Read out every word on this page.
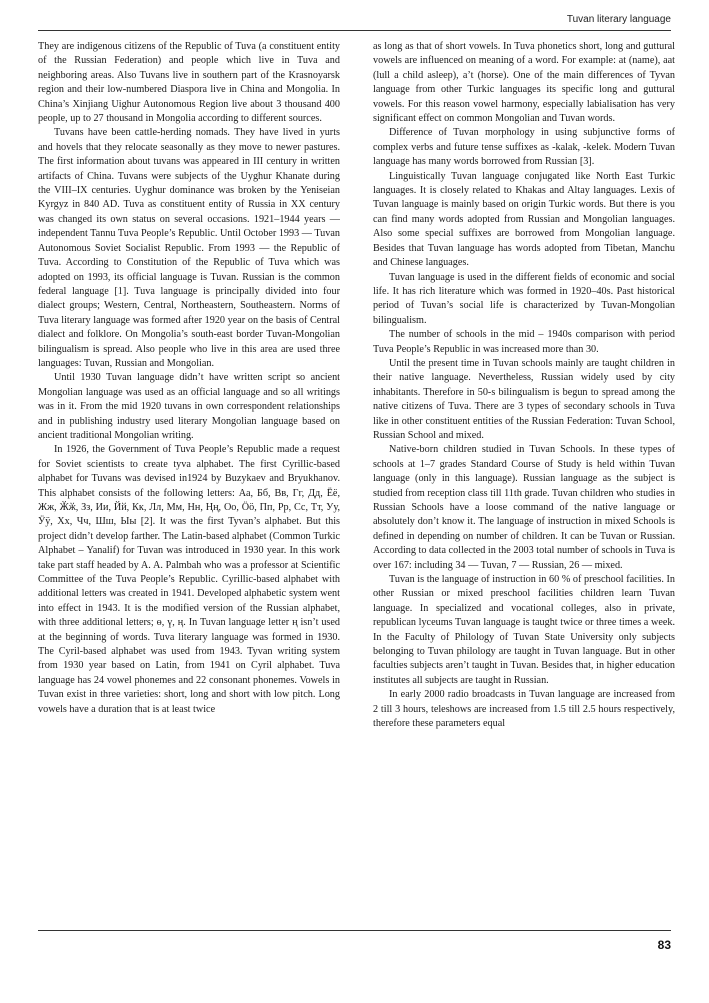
Tuvan literary language

They are indigenous citizens of the Republic of Tuva (a constituent entity of the Russian Federation) and people which live in Tuva and neighboring areas. Also Tuvans live in southern part of the Krasnoyarsk region and their low-numbered Diaspora live in China and Mongolia. In China’s Xinjiang Uighur Autonomous Region live about 3 thousand 400 people, up to 27 thousand in Mongolia according to different sources.

Tuvans have been cattle-herding nomads. They have lived in yurts and hovels that they relocate seasonally as they move to newer pastures. The first information about tuvans was appeared in III century in written artifacts of China. Tuvans were subjects of the Uyghur Khanate during the VIII–IX centuries. Uyghur dominance was broken by the Yeniseian Kyrgyz in 840 AD. Tuva as constituent entity of Russia in XX century was changed its own status on several occasions. 1921–1944 years — independent Tannu Tuva People’s Republic. Until October 1993 — Tuvan Autonomous Soviet Socialist Republic. From 1993 — the Republic of Tuva. According to Constitution of the Republic of Tuva which was adopted on 1993, its official language is Tuvan. Russian is the common federal language [1]. Tuva language is principally divided into four dialect groups; Western, Central, Northeastern, Southeastern. Norms of Tuva literary language was formed after 1920 year on the basis of Central dialect and folklore. On Mongolia’s south-east border Tuvan-Mongolian bilingualism is spread. Also people who live in this area are used three languages: Tuvan, Russian and Mongolian.

Until 1930 Tuvan language didn’t have written script so ancient Mongolian language was used as an official language and so all writings was in it. From the mid 1920 tuvans in own correspondent relationships and in publishing industry used literary Mongolian language based on ancient traditional Mongolian writing.

In 1926, the Government of Tuva People’s Republic made a request for Soviet scientists to create tyva alphabet. The first Cyrillic-based alphabet for Tuvans was devised in1924 by Buzykaev and Bryukhanov. This alphabet consists of the following letters: Аа, Бб, Вв, Гг, Дд, Ёё, Жж, Ӂӂ, Зз, Ии, Йй, Кк, Лл, Мм, Нн, Ңң, Оо, Ӧӧ, Пп, Рр, Сс, Тт, Уу, Ӱӱ, Хх, Чч, Шш, Ыы [2]. It was the first Tyvan’s alphabet. But this project didn’t develop farther. The Latin-based alphabet (Common Turkic Alphabet – Yanalif) for Tuvan was introduced in 1930 year. In this work take part staff headed by A. A. Palmbah who was a professor at Scientific Committee of the Tuva People’s Republic. Cyrillic-based alphabet with additional letters was created in 1941. Developed alphabetic system went into effect in 1943. It is the modified version of the Russian alphabet, with three additional letters; ө, ү, ң. In Tuvan language letter ң isn’t used at the beginning of words. Tuva literary language was formed in 1930. The Cyril-based alphabet was used from 1943. Tyvan writing system from 1930 year based on Latin, from 1941 on Cyril alphabet. Tuva language has 24 vowel phonemes and 22 consonant phonemes. Vowels in Tuvan exist in three varieties: short, long and short with low pitch. Long vowels have a duration that is at least twice

as long as that of short vowels. In Tuva phonetics short, long and guttural vowels are influenced on meaning of a word. For example: at (name), aat (lull a child asleep), a’t (horse). One of the main differences of Tyvan language from other Turkic languages its specific long and guttural vowels. For this reason vowel harmony, especially labialisation has very significant effect on common Mongolian and Tuvan words.

Difference of Tuvan morphology in using subjunctive forms of complex verbs and future tense suffixes as -kalak, -kelek. Modern Tuvan language has many words borrowed from Russian [3].

Linguistically Tuvan language conjugated like North East Turkic languages. It is closely related to Khakas and Altay languages. Lexis of Tuvan language is mainly based on origin Turkic words. But there is you can find many words adopted from Russian and Mongolian languages. Also some special suffixes are borrowed from Mongolian language. Besides that Tuvan language has words adopted from Tibetan, Manchu and Chinese languages.

Tuvan language is used in the different fields of economic and social life. It has rich literature which was formed in 1920–40s. Past historical period of Tuvan’s social life is characterized by Tuvan-Mongolian bilingualism.

The number of schools in the mid – 1940s comparison with period Tuva People’s Republic in was increased more than 30.

Until the present time in Tuvan schools mainly are taught children in their native language. Nevertheless, Russian widely used by city inhabitants. Therefore in 50-s bilingualism is begun to spread among the native citizens of Tuva. There are 3 types of secondary schools in Tuva like in other constituent entities of the Russian Federation: Tuvan School, Russian School and mixed.

Native-born children studied in Tuvan Schools. In these types of schools at 1–7 grades Standard Course of Study is held within Tuvan language (only in this language). Russian language as the subject is studied from reception class till 11th grade. Tuvan children who studies in Russian Schools have a loose command of the native language or absolutely don’t know it. The language of instruction in mixed Schools is defined in depending on number of children. It can be Tuvan or Russian. According to data collected in the 2003 total number of schools in Tuva is over 167: including 34 — Tuvan, 7 — Russian, 26 — mixed.

Tuvan is the language of instruction in 60 % of preschool facilities. In other Russian or mixed preschool facilities children learn Tuvan language. In specialized and vocational colleges, also in private, republican lyceums Tuvan language is taught twice or three times a week. In the Faculty of Philology of Tuvan State University only subjects belonging to Tuvan philology are taught in Tuvan language. But in other faculties subjects aren’t taught in Tuvan. Besides that, in higher education institutes all subjects are taught in Russian.

In early 2000 radio broadcasts in Tuvan language are increased from 2 till 3 hours, teleshows are increased from 1.5 till 2.5 hours respectively, therefore these parameters equal

83
